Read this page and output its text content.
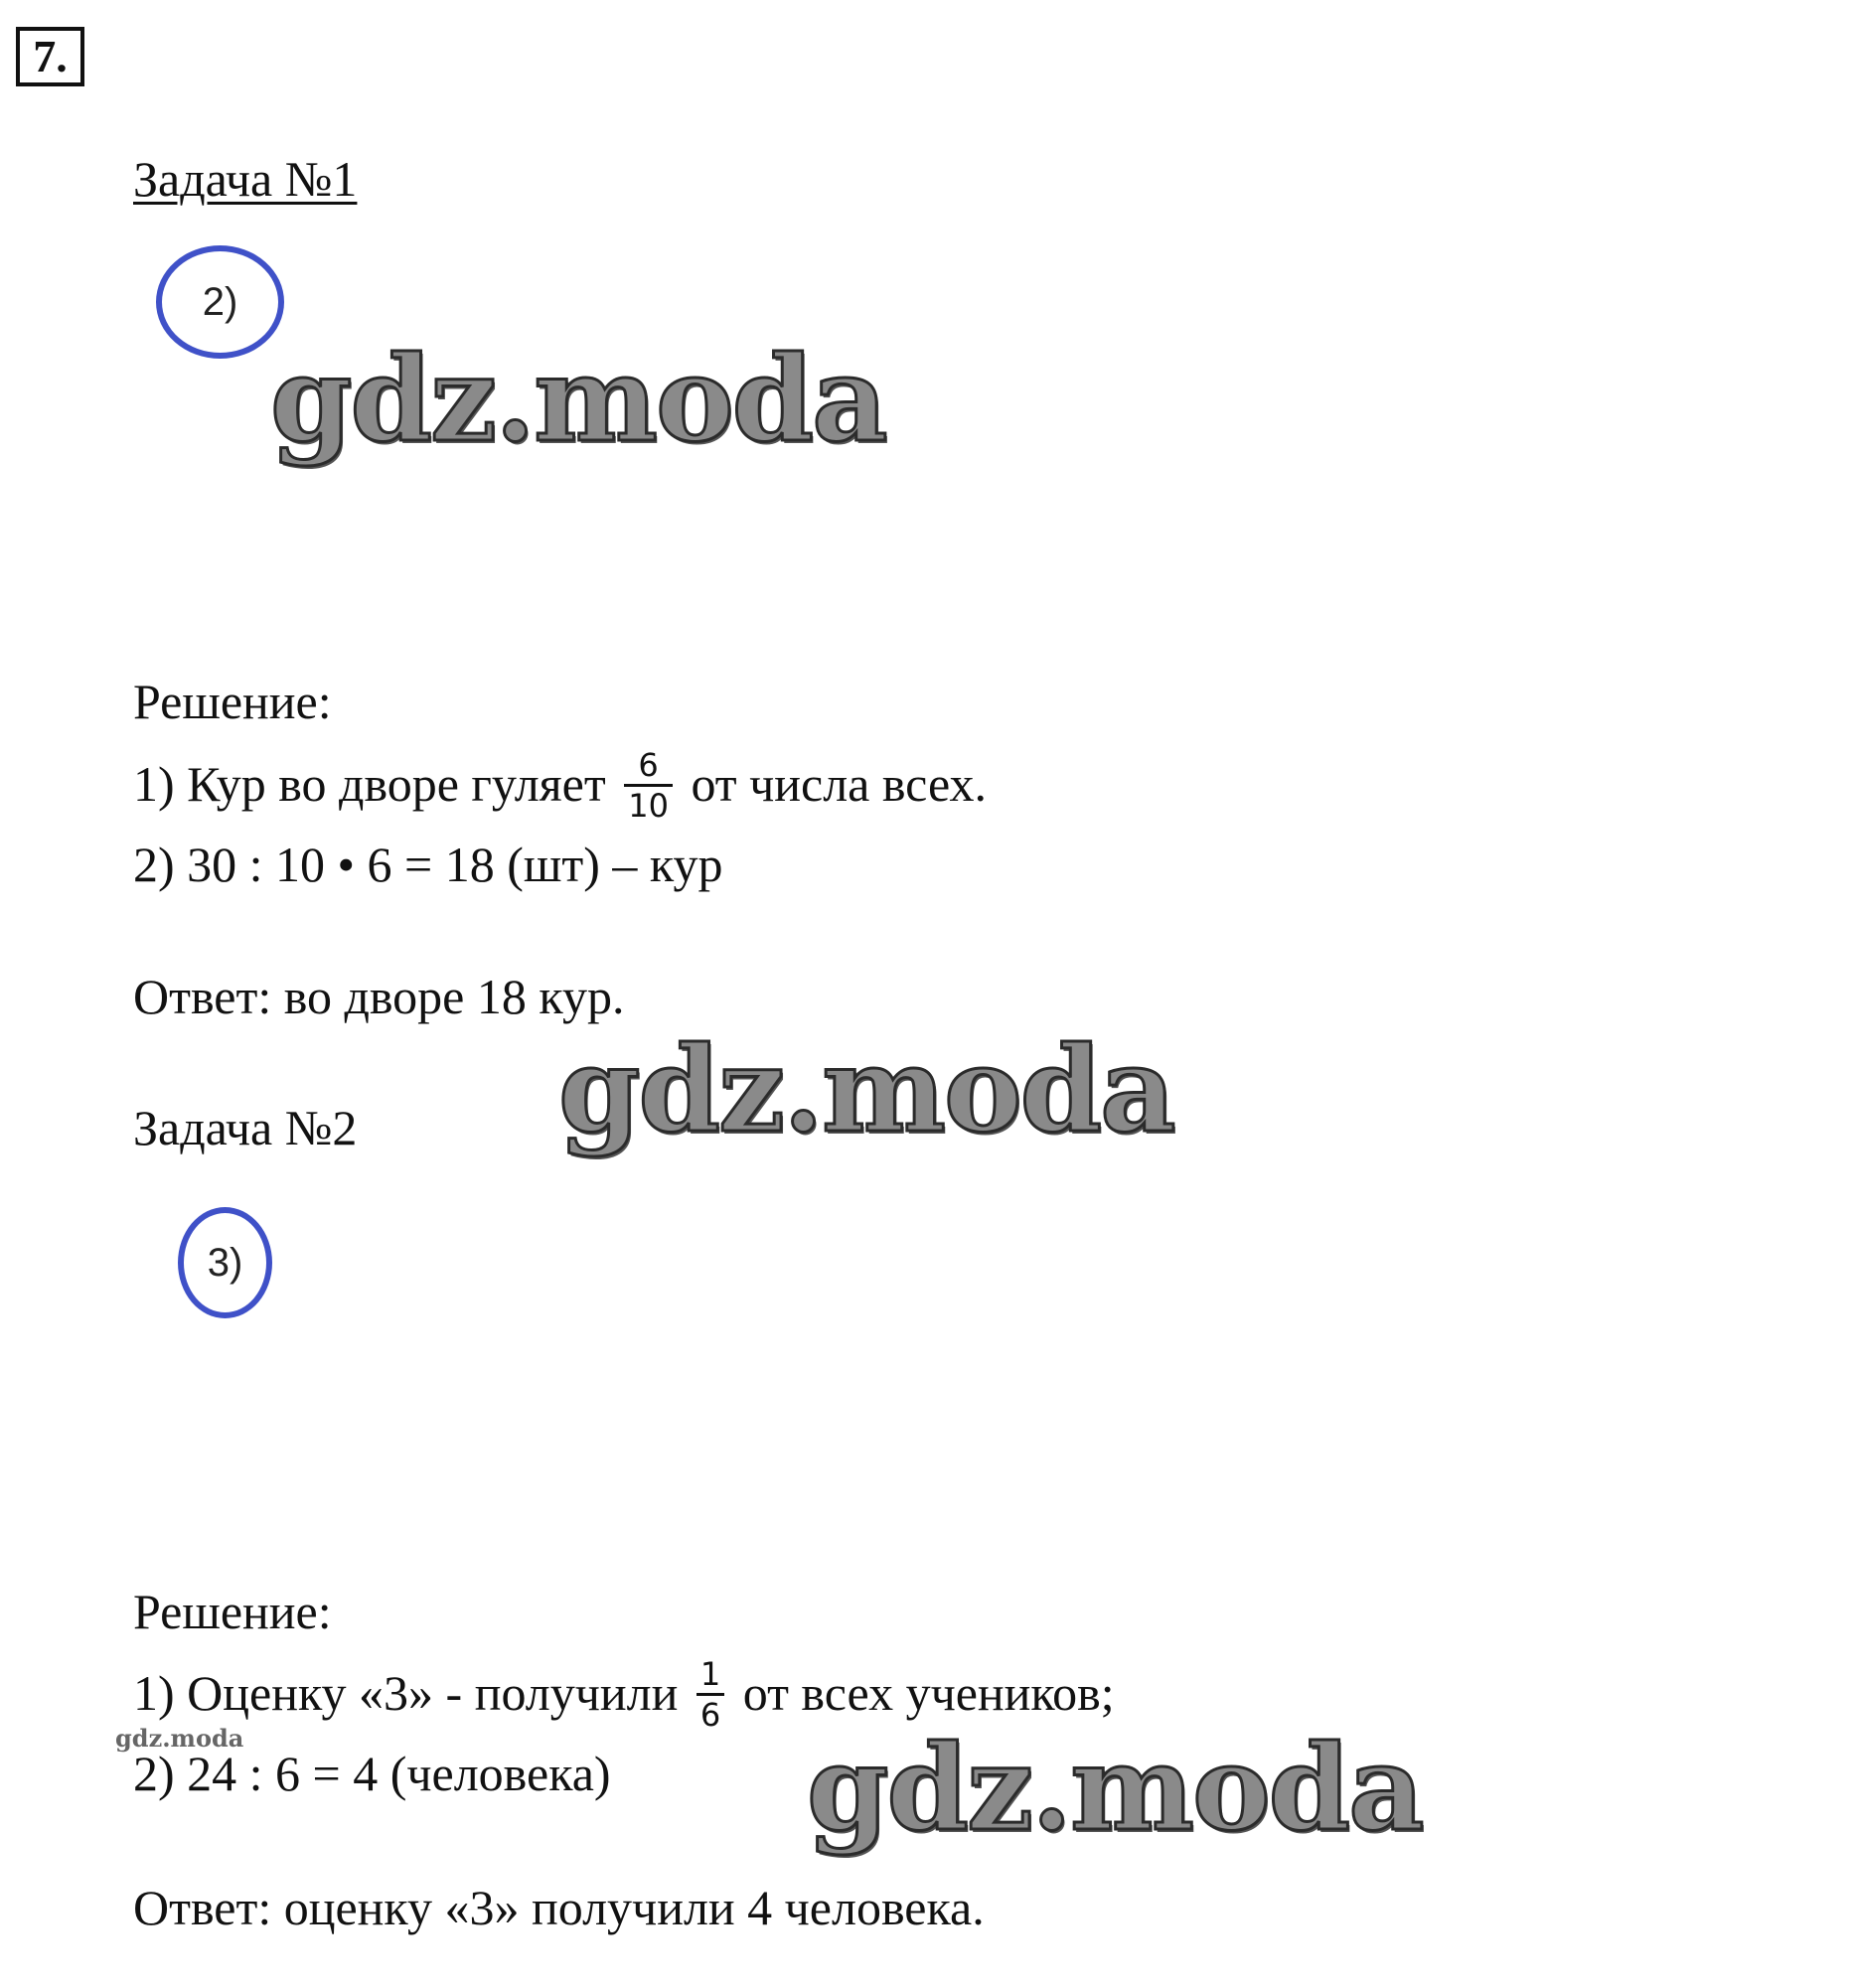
7.
Задача №1
2)
gdz.moda
Решение:
1) Кур во дворе гуляет $\frac{6}{10}$ от числа всех.
2) 30 : 10 • 6 = 18 (шт) – кур
Ответ: во дворе 18 кур.
gdz.moda
Задача №2
3)
Решение:
1) Оценку «3» - получили $\frac{1}{6}$ от всех учеников;
gdz.moda
2) 24 : 6 = 4 (человека) gdz.moda
Ответ: оценку «3» получили 4 человека.
